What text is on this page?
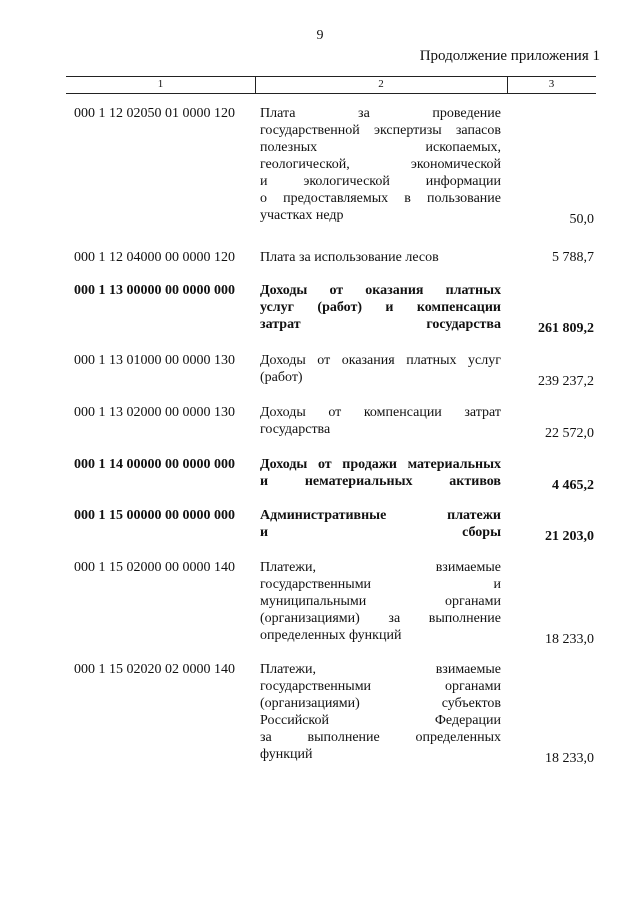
9
Продолжение приложения 1
1	2	3
000 1 12 02050 01 0000 120 Плата за проведение
государственной экспертизы запасов
полезных ископаемых,
геологической, экономической
и экологической информации
о предоставляемых в пользование
участках недр	50,0
000 1 12 04000 00 0000 120 Плата за использование лесов	5 788,7
000 1 13 00000 00 0000 000 Доходы от оказания платных
услуг (работ) и компенсации
затрат государства	261 809,2
000 1 13 01000 00 0000 130 Доходы от оказания платных услуг
(работ)	239 237,2
000 1 13 02000 00 0000 130 Доходы от компенсации затрат
государства	22 572,0
000 1 14 00000 00 0000 000 Доходы от продажи материальных
и нематериальных активов	4 465,2
000 1 15 00000 00 0000 000 Административные платежи
и сборы	21 203,0
000 1 15 02000 00 0000 140 Платежи, взимаемые
государственными и
муниципальными органами
(организациями) за выполнение
определенных функций	18 233,0
000 1 15 02020 02 0000 140 Платежи, взимаемые
государственными органами
(организациями) субъектов
Российской Федерации
за выполнение определенных
функций	18 233,0
